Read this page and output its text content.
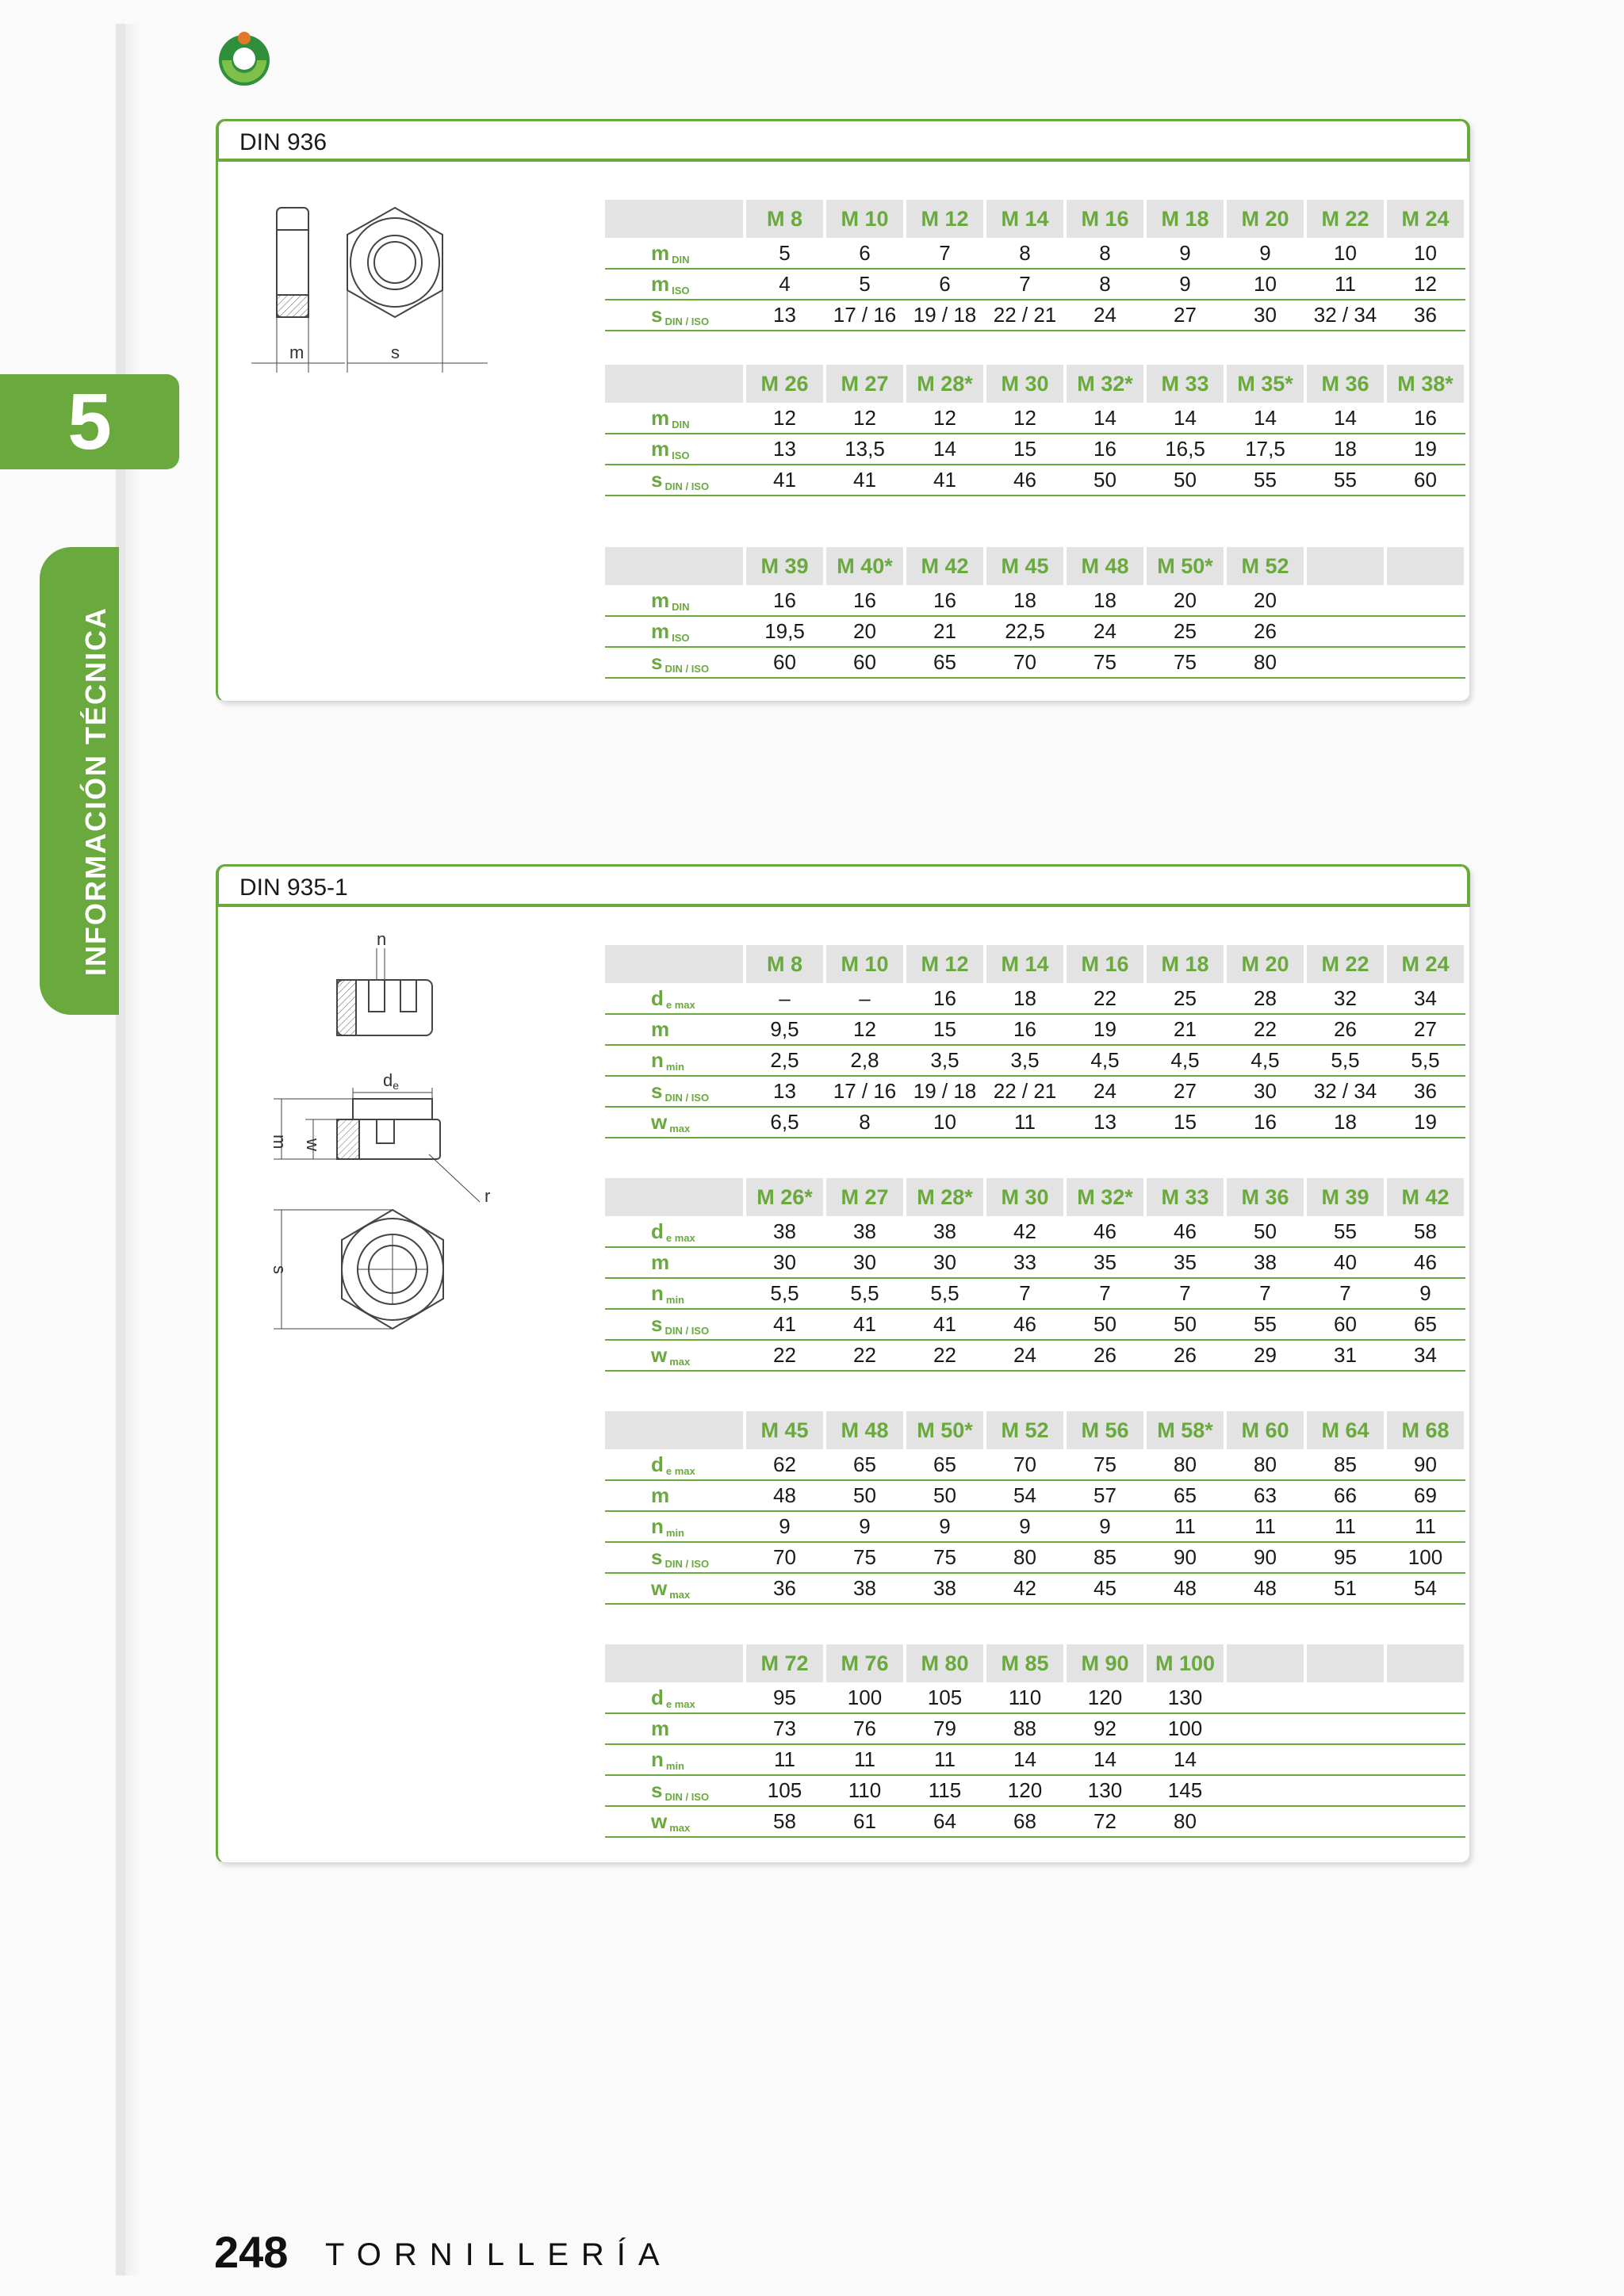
5
INFORMACIÓN TÉCNICA
DIN 936
m	s
	M 8	M 10	M 12	M 14	M 16	M 18	M 20	M 22	M 24
m $_{DIN}$	5	6	7	8	8	9	9	10	10
m $_{ISO}$	4	5	6	7	8	9	10	11	12
s $_{DIN / ISO}$	13	17 / 16	19 / 18	22 / 21	24	27	30	32 / 34	36
	M 26	M 27	M 28*	M 30	M 32*	M 33	M 35*	M 36	M 38*
m $_{DIN}$	12	12	12	12	14	14	14	14	16
m $_{ISO}$	13	13,5	14	15	16	16,5	17,5	18	19
s $_{DIN / ISO}$	41	41	41	46	50	50	55	55	60
	M 39	M 40*	M 42	M 45	M 48	M 50*	M 52		
m $_{DIN}$	16	16	16	18	18	20	20		
m $_{ISO}$	19,5	20	21	22,5	24	25	26		
s $_{DIN / ISO}$	60	60	65	70	75	75	80		
DIN 935-1
n
de
m w
r
s
	M 8	M 10	M 12	M 14	M 16	M 18	M 20	M 22	M 24
d $_{e max}$	–	–	16	18	22	25	28	32	34
m	9,5	12	15	16	19	21	22	26	27
n $_{min}$	2,5	2,8	3,5	3,5	4,5	4,5	4,5	5,5	5,5
s $_{DIN / ISO}$	13	17 / 16	19 / 18	22 / 21	24	27	30	32 / 34	36
w $_{max}$	6,5	8	10	11	13	15	16	18	19
	M 26*	M 27	M 28*	M 30	M 32*	M 33	M 36	M 39	M 42
d $_{e max}$	38	38	38	42	46	46	50	55	58
m	30	30	30	33	35	35	38	40	46
n $_{min}$	5,5	5,5	5,5	7	7	7	7	7	9
s $_{DIN / ISO}$	41	41	41	46	50	50	55	60	65
w $_{max}$	22	22	22	24	26	26	29	31	34
	M 45	M 48	M 50*	M 52	M 56	M 58*	M 60	M 64	M 68
d $_{e max}$	62	65	65	70	75	80	80	85	90
m	48	50	50	54	57	65	63	66	69
n $_{min}$	9	9	9	9	9	11	11	11	11
s $_{DIN / ISO}$	70	75	75	80	85	90	90	95	100
w $_{max}$	36	38	38	42	45	48	48	51	54
	M 72	M 76	M 80	M 85	M 90	M 100			
d $_{e max}$	95	100	105	110	120	130			
m	73	76	79	88	92	100			
n $_{min}$	11	11	11	14	14	14			
s $_{DIN / ISO}$	105	110	115	120	130	145			
w $_{max}$	58	61	64	68	72	80			
248 TORNILLERÍA
